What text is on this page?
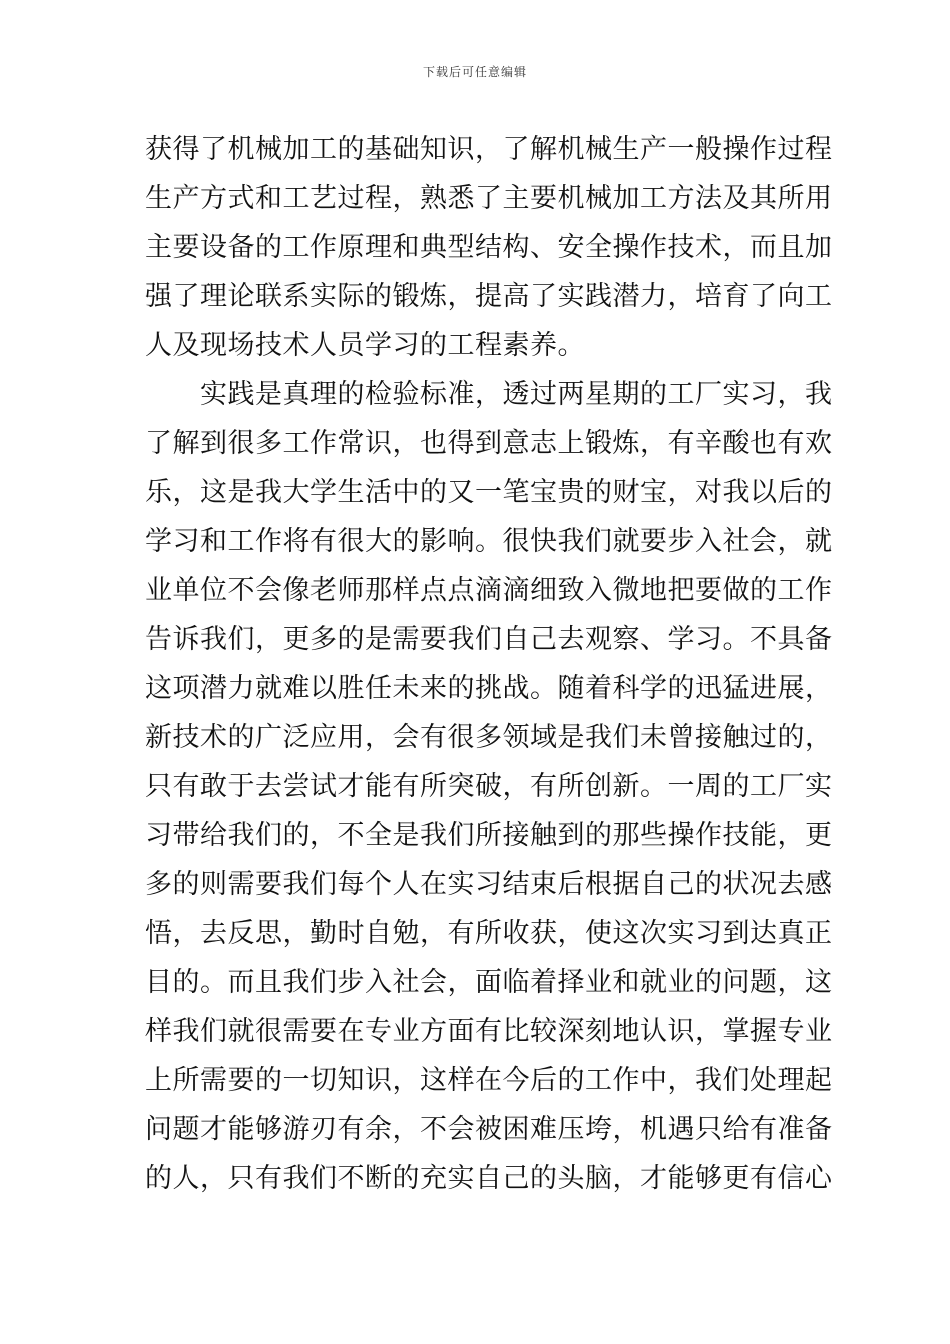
下载后可任意编辑
获得了机械加工的基础知识，了解机械生产一般操作过程
生产方式和工艺过程，熟悉了主要机械加工方法及其所用
主要设备的工作原理和典型结构、安全操作技术，而且加
强了理论联系实际的锻炼，提高了实践潜力，培育了向工
人及现场技术人员学习的工程素养。
　　实践是真理的检验标准，透过两星期的工厂实习，我
了解到很多工作常识，也得到意志上锻炼，有辛酸也有欢
乐，这是我大学生活中的又一笔宝贵的财宝，对我以后的
学习和工作将有很大的影响。很快我们就要步入社会，就
业单位不会像老师那样点点滴滴细致入微地把要做的工作
告诉我们，更多的是需要我们自己去观察、学习。不具备
这项潜力就难以胜任未来的挑战。随着科学的迅猛进展，
新技术的广泛应用，会有很多领域是我们未曾接触过的，
只有敢于去尝试才能有所突破，有所创新。一周的工厂实
习带给我们的，不全是我们所接触到的那些操作技能，更
多的则需要我们每个人在实习结束后根据自己的状况去感
悟，去反思，勤时自勉，有所收获，使这次实习到达真正
目的。而且我们步入社会，面临着择业和就业的问题，这
样我们就很需要在专业方面有比较深刻地认识，掌握专业
上所需要的一切知识，这样在今后的工作中，我们处理起
问题才能够游刃有余，不会被困难压垮，机遇只给有准备
的人，只有我们不断的充实自己的头脑，才能够更有信心
